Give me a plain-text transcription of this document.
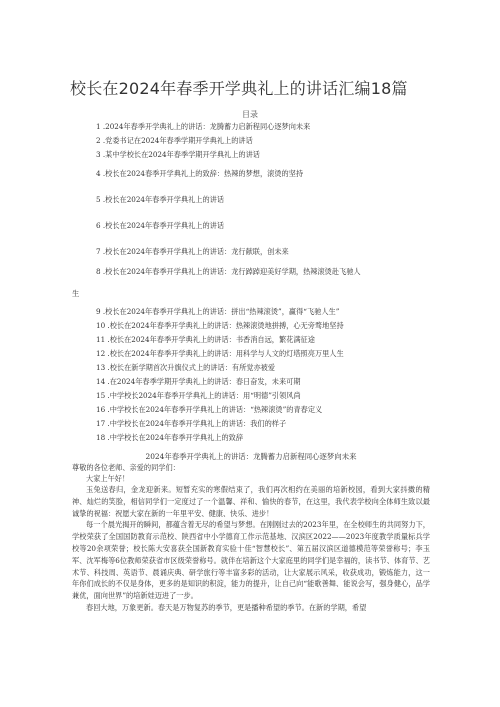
校长在2024年春季开学典礼上的讲话汇编18篇
目录
1 .2024年春季开学典礼上的讲话：龙腾蓄力启新程同心逐梦向未来
2 .党委书记在2024年春季学期开学典礼上的讲话
3 .某中学校长在2024年春季学期开学典礼上的讲话
4 .校长在2024春季开学典礼上的致辞：热辣的梦想，滚烫的坚持
5 .校长在2024年春季开学典礼上的讲话
6 .校长在2024年春季开学典礼上的讲话
7 .校长在2024年春季开学典礼上的讲话：龙行献联，创未来
8 .校长在2024年春季开学典礼上的讲话：龙行踔踔迎美好学期，热辣滚烫赴飞驰人
生
9 .校长在2024年春季开学典礼上的讲话：拼出“热辣滚烫”，赢得“飞驰人生”
10 .校长在2024年春季开学典礼上的讲话：热辣滚烫地拼搏，心无旁骛地坚持
11 .校长在2024年春季开学典礼上的讲话：书香消自远，繁花满征途
12 .校长在2024年春季开学典礼上的讲话：用科学与人文的灯塔照亮万里人生
13 .校长在新学期首次升旗仪式上的讲话：有所觉亦被爱
14 .在2024年春季学期开学典礼上的讲话：春日奋发，未来可期
15 .中学校长2024年春季开学典礼上的讲话：用“明德”引领风尚
16 .中学校长在2024年春季开学典礼上的讲话：“热辣滚烫”的青春定义
17 .中学校长在2024年春季开学典礼上的讲话：我们的样子
18 .中学校长在2024年春季开学典礼上的致辞
2024年春季开学典礼上的讲话：龙腾蓄力启新程同心逐梦向未来
尊敬的各位老师、亲爱的同学们：
大家上午好！

玉兔送春归，金龙迎新来。短暂充实的寒假结束了，我们再次相约在美丽的培新校园，看到大家抖擞的精神、灿烂的笑脸，相信同学们一定度过了一个温馨、祥和、愉快的春节，在这里，我代表学校向全体师生致以最诚挚的祝福：祝愿大家在新的一年里平安、健康、快乐、进步！

每一个晨光揭开的瞬间，都蕴含着无尽的希望与梦想。在刚刚过去的2023年里，在全校师生的共同努力下，学校荣获了全国国防教育示范校、陕西省中小学德育工作示范基地、汉滨区2022——2023年度教学质量标兵学校等20余项荣誉；校长陈大安喜获全国新教育实验十佳“智慧校长”、第五届汉滨区道德模范等荣誉称号；李玉军、沈军梅等6位教师荣获省市区级荣誉称号。就伴在培新这个大家庭里的同学们是幸福的，读书节、体育节、艺术节、科技周、英语节、晨诵庆典、研学旅行等丰富多彩的活动，让大家展示风采，收获成功，锻炼能力，这一年你们成长的不仅是身体，更多的是知识的积淀，能力的提升，让自己向“能歌善舞、能说会写，强身健心，品学兼优，面向世界”的培新娃迈进了一步。

春回大地，万象更新。春天是万物复苏的季节，更是播种希望的季节。在新的学期，希望
